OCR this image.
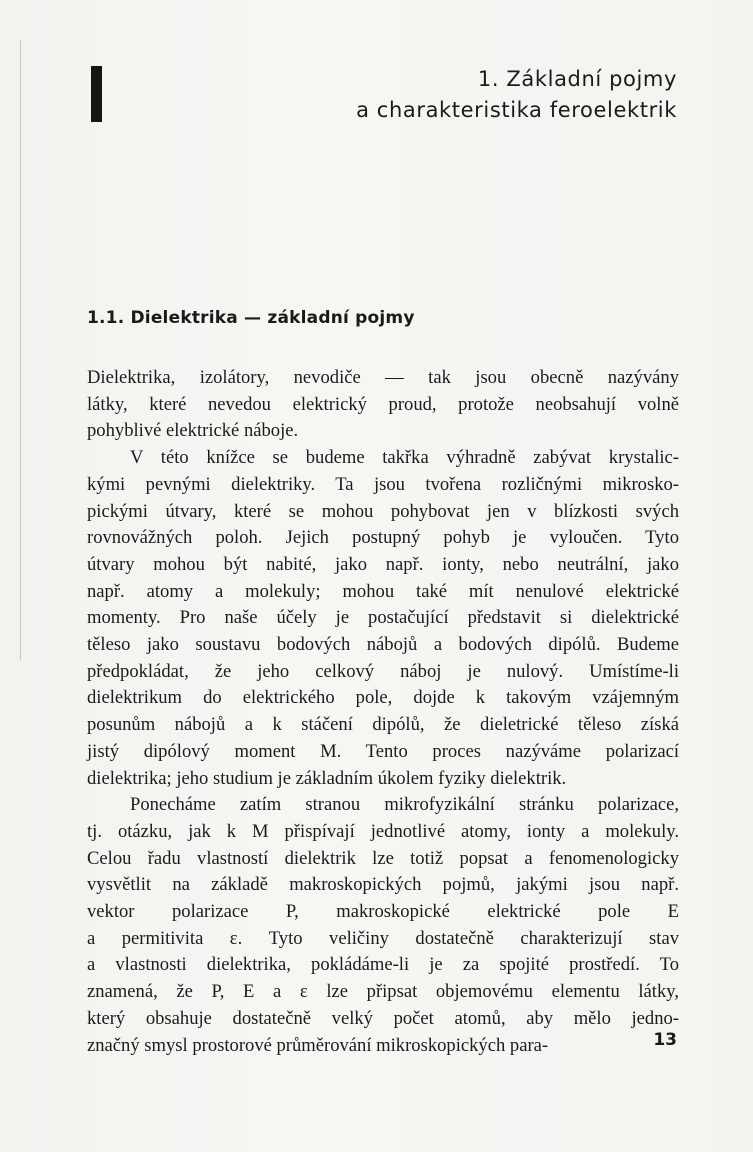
1. Základní pojmy
a charakteristika feroelektrik
1.1. Dielektrika — základní pojmy
Dielektrika, izolátory, nevodiče — tak jsou obecně nazývány
látky, které nevedou elektrický proud, protože neobsahují volně
pohyblivé elektrické náboje.
V této knížce se budeme takřka výhradně zabývat krystalic-
kými pevnými dielektriky. Ta jsou tvořena rozličnými mikrosko-
pickými útvary, které se mohou pohybovat jen v blízkosti svých
rovnovážných poloh. Jejich postupný pohyb je vyloučen. Tyto
útvary mohou být nabité, jako např. ionty, nebo neutrální, jako
např. atomy a molekuly; mohou také mít nenulové elektrické
momenty. Pro naše účely je postačující představit si dielektrické
těleso jako soustavu bodových nábojů a bodových dipólů. Budeme
předpokládat, že jeho celkový náboj je nulový. Umístíme-li
dielektrikum do elektrického pole, dojde k takovým vzájemným
posunům nábojů a k stáčení dipólů, že dieletrické těleso získá
jistý dipólový moment M. Tento proces nazýváme polarizací
dielektrika; jeho studium je základním úkolem fyziky dielektrik.
Ponecháme zatím stranou mikrofyzikální stránku polarizace,
tj. otázku, jak k M přispívají jednotlivé atomy, ionty a molekuly.
Celou řadu vlastností dielektrik lze totiž popsat a fenomenologicky
vysvětlit na základě makroskopických pojmů, jakými jsou např.
vektor polarizace P, makroskopické elektrické pole E
a permitivita ε. Tyto veličiny dostatečně charakterizují stav
a vlastnosti dielektrika, pokládáme-li je za spojité prostředí. To
znamená, že P, E a ε lze připsat objemovému elementu látky,
který obsahuje dostatečně velký počet atomů, aby mělo jedno-
značný smysl prostorové průměrování mikroskopických para-	13
